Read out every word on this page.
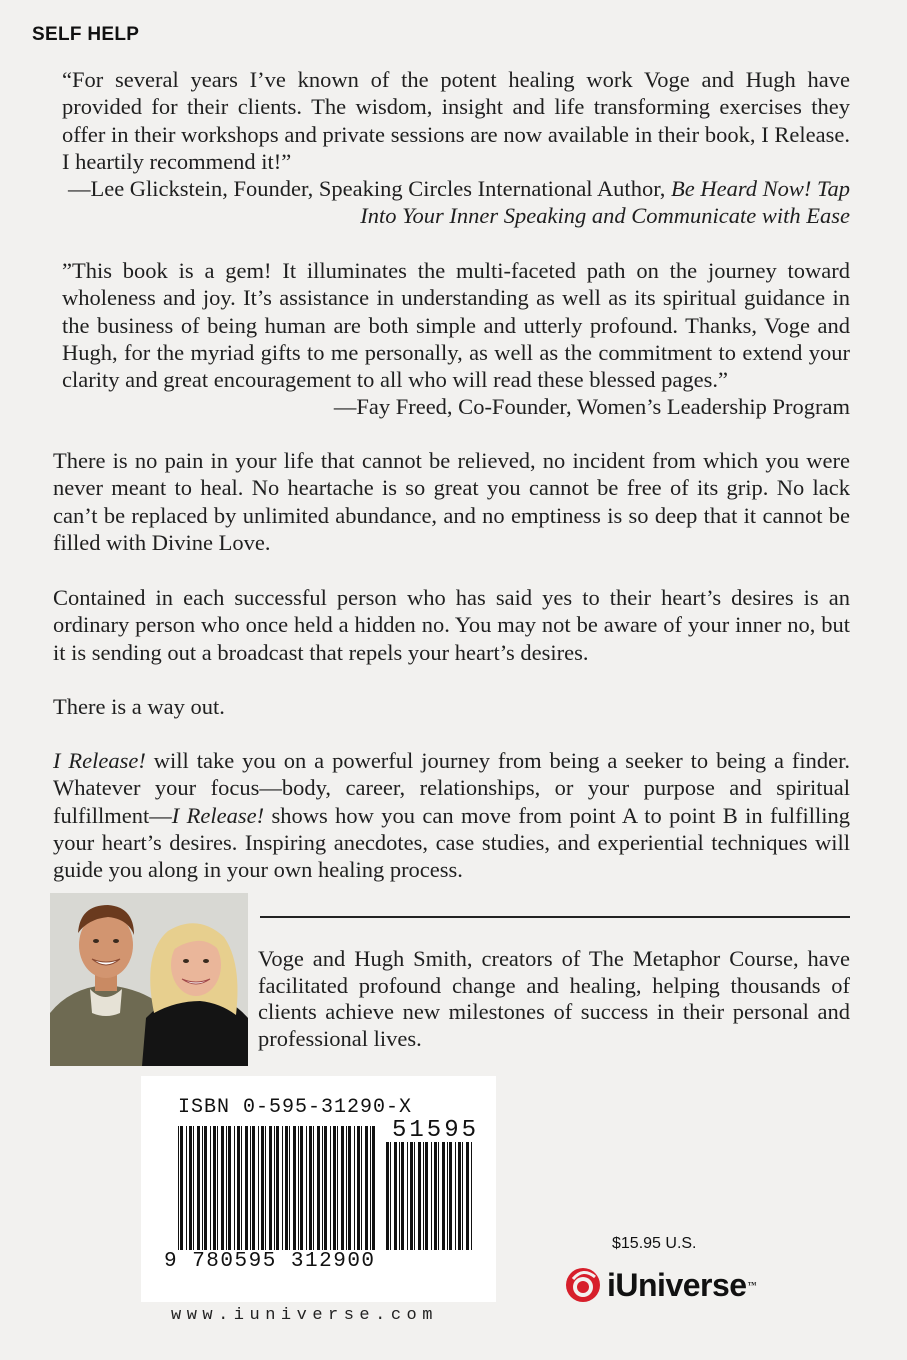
SELF HELP
“For several years I’ve known of the potent healing work Voge and Hugh have provided for their clients. The wisdom, insight and life transforming exercises they offer in their workshops and private sessions are now available in their book, I Release. I heartily recommend it!”
—Lee Glickstein, Founder, Speaking Circles International Author, Be Heard Now! Tap Into Your Inner Speaking and Communicate with Ease
”This book is a gem! It illuminates the multi-faceted path on the journey toward wholeness and joy. It’s assistance in understanding as well as its spiritual guidance in the business of being human are both simple and utterly profound. Thanks, Voge and Hugh, for the myriad gifts to me personally, as well as the commitment to extend your clarity and great encouragement to all who will read these blessed pages.”
—Fay Freed, Co-Founder, Women’s Leadership Program

There is no pain in your life that cannot be relieved, no incident from which you were never meant to heal. No heartache is so great you cannot be free of its grip. No lack can’t be replaced by unlimited abundance, and no emptiness is so deep that it cannot be filled with Divine Love.

Contained in each successful person who has said yes to their heart’s desires is an ordinary person who once held a hidden no. You may not be aware of your inner no, but it is sending out a broadcast that repels your heart’s desires.

There is a way out.

I Release! will take you on a powerful journey from being a seeker to being a finder. Whatever your focus—body, career, relationships, or your purpose and spiritual fulfillment—I Release! shows how you can move from point A to point B in fulfilling your heart’s desires. Inspiring anecdotes, case studies, and experiential techniques will guide you along in your own healing process.

Voge and Hugh Smith, creators of The Metaphor Course, have facilitated profound change and healing, helping thousands of clients achieve new milestones of success in their personal and professional lives.

ISBN 0-595-31290-X
51595
9 780595 312900
www.iuniverse.com
$15.95 U.S.
iUniverse ™
